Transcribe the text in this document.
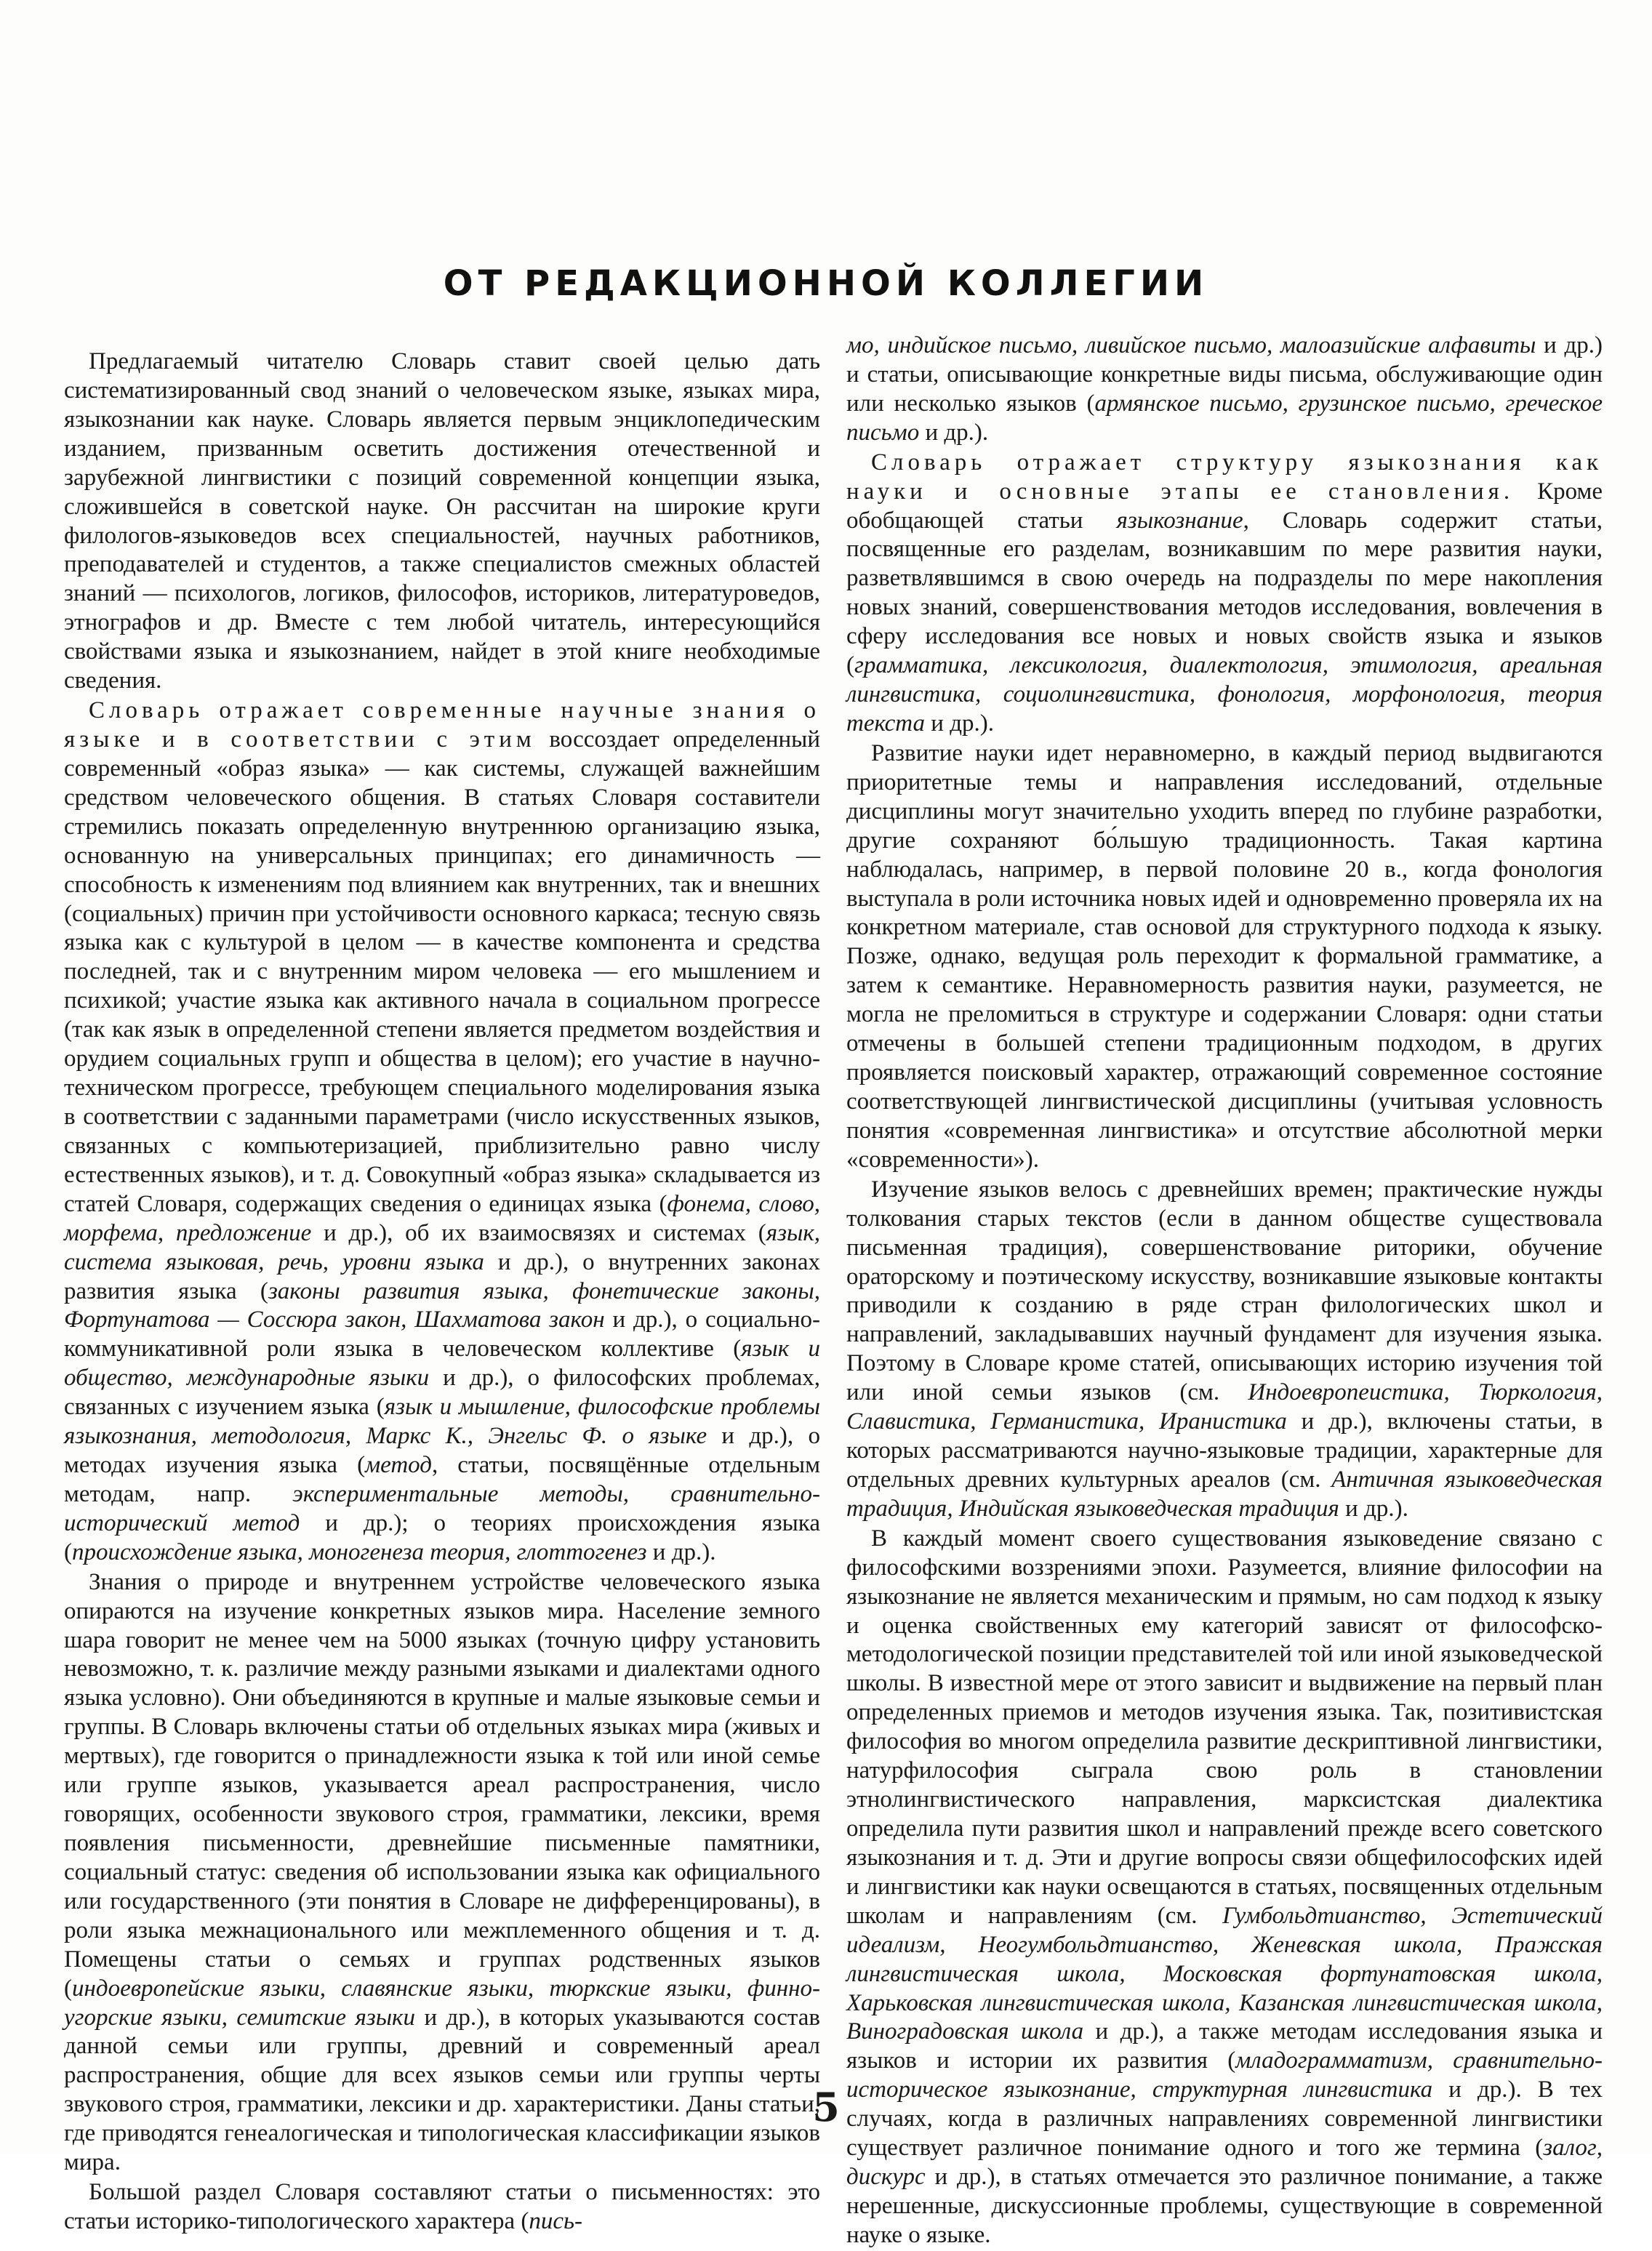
ОТ РЕДАКЦИОННОЙ КОЛЛЕГИИ

Предлагаемый читателю Словарь ставит своей целью дать систематизированный свод знаний о человеческом языке, языках мира, языкознании как науке. Словарь является первым энциклопедическим изданием, призванным осветить достижения отечественной и зарубежной лингвистики с позиций современной концепции языка, сложившейся в советской науке. Он рассчитан на широкие круги филологов-языковедов всех специальностей, научных работников, преподавателей и студентов, а также специалистов смежных областей знаний — психологов, логиков, философов, историков, литературоведов, этнографов и др. Вместе с тем любой читатель, интересующийся свойствами языка и языкознанием, найдет в этой книге необходимые сведения.

Словарь отражает современные научные знания о языке и в соответствии с этим воссоздает определенный современный «образ языка» — как системы, служащей важнейшим средством человеческого общения. В статьях Словаря составители стремились показать определенную внутреннюю организацию языка, основанную на универсальных принципах; его динамичность — способность к изменениям под влиянием как внутренних, так и внешних (социальных) причин при устойчивости основного каркаса; тесную связь языка как с культурой в целом — в качестве компонента и средства последней, так и с внутренним миром человека — его мышлением и психикой; участие языка как активного начала в социальном прогрессе (так как язык в определенной степени является предметом воздействия и орудием социальных групп и общества в целом); его участие в научно-техническом прогрессе, требующем специального моделирования языка в соответствии с заданными параметрами (число искусственных языков, связанных с компьютеризацией, приблизительно равно числу естественных языков), и т. д. Совокупный «образ языка» складывается из статей Словаря, содержащих сведения о единицах языка (фонема, слово, морфема, предложение и др.), об их взаимосвязях и системах (язык, система языковая, речь, уровни языка и др.), о внутренних законах развития языка (законы развития языка, фонетические законы, Фортунатова — Соссюра закон, Шахматова закон и др.), о социально-коммуникативной роли языка в человеческом коллективе (язык и общество, международные языки и др.), о философских проблемах, связанных с изучением языка (язык и мышление, философские проблемы языкознания, методология, Маркс К., Энгельс Ф. о языке и др.), о методах изучения языка (метод, статьи, посвящённые отдельным методам, напр. экспериментальные методы, сравнительно-исторический метод и др.); о теориях происхождения языка (происхождение языка, моногенеза теория, глоттогенез и др.).

Знания о природе и внутреннем устройстве человеческого языка опираются на изучение конкретных языков мира. Население земного шара говорит не менее чем на 5000 языках (точную цифру установить невозможно, т. к. различие между разными языками и диалектами одного языка условно). Они объединяются в крупные и малые языковые семьи и группы. В Словарь включены статьи об отдельных языках мира (живых и мертвых), где говорится о принадлежности языка к той или иной семье или группе языков, указывается ареал распространения, число говорящих, особенности звукового строя, грамматики, лексики, время появления письменности, древнейшие письменные памятники, социальный статус: сведения об использовании языка как официального или государственного (эти понятия в Словаре не дифференцированы), в роли языка межнационального или межплеменного общения и т. д. Помещены статьи о семьях и группах родственных языков (индоевропейские языки, славянские языки, тюркские языки, финно-угорские языки, семитские языки и др.), в которых указываются состав данной семьи или группы, древний и современный ареал распространения, общие для всех языков семьи или группы черты звукового строя, грамматики, лексики и др. характеристики. Даны статьи, где приводятся генеалогическая и типологическая классификации языков мира.

Большой раздел Словаря составляют статьи о письменностях: это статьи историко-типологического характера (пись-

мо, индийское письмо, ливийское письмо, малоазийские алфавиты и др.) и статьи, описывающие конкретные виды письма, обслуживающие один или несколько языков (армянское письмо, грузинское письмо, греческое письмо и др.).

Словарь отражает структуру языкознания как науки и основные этапы ее становления. Кроме обобщающей статьи языкознание, Словарь содержит статьи, посвященные его разделам, возникавшим по мере развития науки, разветвлявшимся в свою очередь на подразделы по мере накопления новых знаний, совершенствования методов исследования, вовлечения в сферу исследования все новых и новых свойств языка и языков (грамматика, лексикология, диалектология, этимология, ареальная лингвистика, социолингвистика, фонология, морфонология, теория текста и др.).

Развитие науки идет неравномерно, в каждый период выдвигаются приоритетные темы и направления исследований, отдельные дисциплины могут значительно уходить вперед по глубине разработки, другие сохраняют бо́льшую традиционность. Такая картина наблюдалась, например, в первой половине 20 в., когда фонология выступала в роли источника новых идей и одновременно проверяла их на конкретном материале, став основой для структурного подхода к языку. Позже, однако, ведущая роль переходит к формальной грамматике, а затем к семантике. Неравномерность развития науки, разумеется, не могла не преломиться в структуре и содержании Словаря: одни статьи отмечены в большей степени традиционным подходом, в других проявляется поисковый характер, отражающий современное состояние соответствующей лингвистической дисциплины (учитывая условность понятия «современная лингвистика» и отсутствие абсолютной мерки «современности»).

Изучение языков велось с древнейших времен; практические нужды толкования старых текстов (если в данном обществе существовала письменная традиция), совершенствование риторики, обучение ораторскому и поэтическому искусству, возникавшие языковые контакты приводили к созданию в ряде стран филологических школ и направлений, закладывавших научный фундамент для изучения языка. Поэтому в Словаре кроме статей, описывающих историю изучения той или иной семьи языков (см. Индоевропеистика, Тюркология, Славистика, Германистика, Иранистика и др.), включены статьи, в которых рассматриваются научно-языковые традиции, характерные для отдельных древних культурных ареалов (см. Античная языковедческая традиция, Индийская языковедческая традиция и др.).

В каждый момент своего существования языковедение связано с философскими воззрениями эпохи. Разумеется, влияние философии на языкознание не является механическим и прямым, но сам подход к языку и оценка свойственных ему категорий зависят от философско-методологической позиции представителей той или иной языковедческой школы. В известной мере от этого зависит и выдвижение на первый план определенных приемов и методов изучения языка. Так, позитивистская философия во многом определила развитие дескриптивной лингвистики, натурфилософия сыграла свою роль в становлении этнолингвистического направления, марксистская диалектика определила пути развития школ и направлений прежде всего советского языкознания и т. д. Эти и другие вопросы связи общефилософских идей и лингвистики как науки освещаются в статьях, посвященных отдельным школам и направлениям (см. Гумбольдтианство, Эстетический идеализм, Неогумбольдтианство, Женевская школа, Пражская лингвистическая школа, Московская фортунатовская школа, Харьковская лингвистическая школа, Казанская лингвистическая школа, Виноградовская школа и др.), а также методам исследования языка и языков и истории их развития (младограмматизм, сравнительно-историческое языкознание, структурная лингвистика и др.). В тех случаях, когда в различных направлениях современной лингвистики существует различное понимание одного и того же термина (залог, дискурс и др.), в статьях отмечается это различное понимание, а также нерешенные, дискуссионные проблемы, существующие в современной науке о языке.

5
